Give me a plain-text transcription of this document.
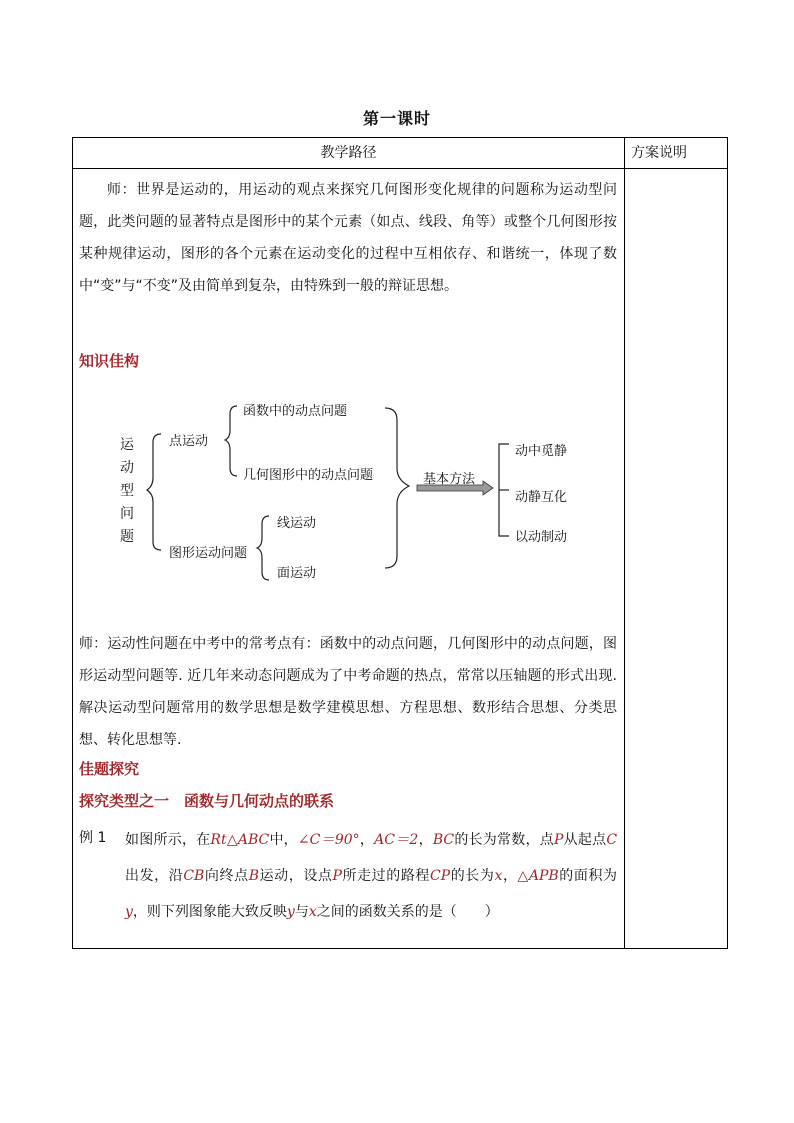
第一课时
教学路径	方案说明

师：世界是运动的，用运动的观点来探究几何图形变化规律的问题称为运动型问题，此类问题的显著特点是图形中的某个元素（如点、线段、角等）或整个几何图形按某种规律运动，图形的各个元素在运动变化的过程中互相依存、和谐统一，体现了数中“变”与“不变”及由简单到复杂，由特殊到一般的辩证思想。

知识佳构
运
动
型
问
题
点运动
函数中的动点问题
几何图形中的动点问题
图形运动问题
线运动
面运动
基本方法
动中觅静
动静互化
以动制动

师：运动性问题在中考中的常考点有：函数中的动点问题，几何图形中的动点问题，图形运动型问题等. 近几年来动态问题成为了中考命题的热点，常常以压轴题的形式出现. 解决运动型问题常用的数学思想是数学建模思想、方程思想、数形结合思想、分类思想、转化思想等.

佳题探究
探究类型之一　函数与几何动点的联系
例 1 如图所示，在Rt△ABC中，∠C＝90°，AC＝2，BC的长为常数，点P从起点C出发，沿CB向终点B运动，设点P所走过的路程CP的长为x，△APB的面积为y，则下列图象能大致反映y与x之间的函数关系的是（　　）
